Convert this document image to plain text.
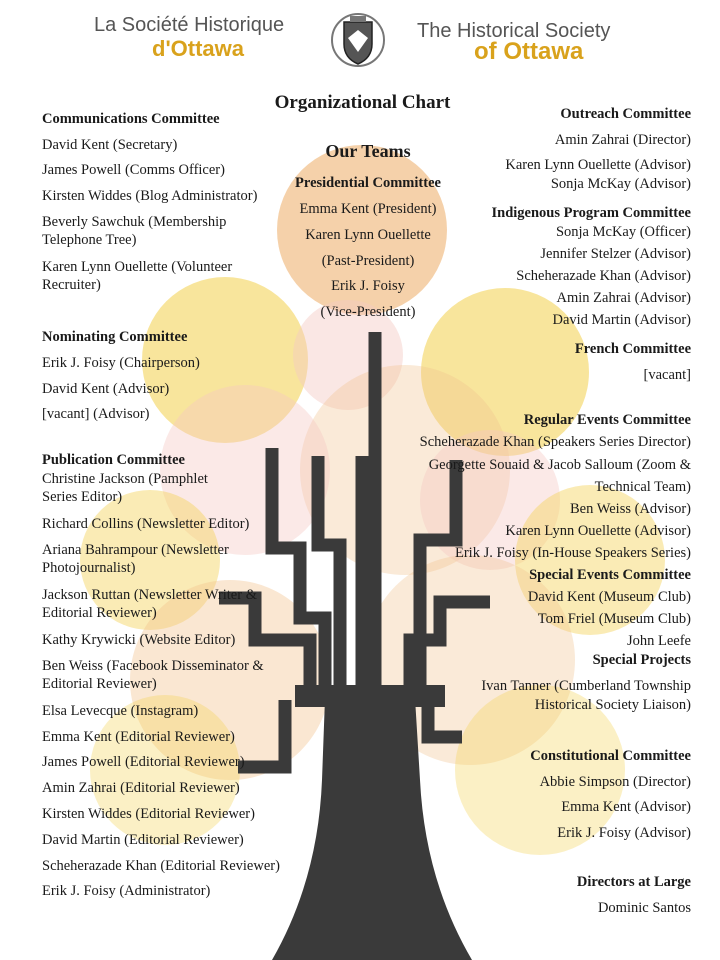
La Société Historique
d'Ottawa
The Historical Society
of Ottawa
Organizational Chart
Our Teams
Presidential Committee
Emma Kent (President)
Karen Lynn Ouellette
(Past-President)
Erik J. Foisy
(Vice-President)
Communications Committee
David Kent (Secretary)
James Powell (Comms Officer)
Kirsten Widdes (Blog Administrator)
Beverly Sawchuk (Membership Telephone Tree)
Karen Lynn Ouellette (Volunteer Recruiter)
Nominating Committee
Erik J. Foisy (Chairperson)
David Kent (Advisor)
[vacant] (Advisor)
Publication Committee
Christine Jackson (Pamphlet Series Editor)
Richard Collins (Newsletter Editor)
Ariana Bahrampour (Newsletter Photojournalist)
Jackson Ruttan (Newsletter Writer & Editorial Reviewer)
Kathy Krywicki (Website Editor)
Ben Weiss (Facebook Disseminator & Editorial Reviewer)
Elsa Levecque (Instagram)
Emma Kent (Editorial Reviewer)
James Powell (Editorial Reviewer)
Amin Zahrai (Editorial Reviewer)
Kirsten Widdes (Editorial Reviewer)
David Martin (Editorial Reviewer)
Scheherazade Khan (Editorial Reviewer)
Erik J. Foisy (Administrator)
Outreach Committee
Amin Zahrai (Director)
Karen Lynn Ouellette (Advisor)
Sonja McKay (Advisor)
Indigenous Program Committee
Sonja McKay (Officer)
Jennifer Stelzer (Advisor)
Scheherazade Khan (Advisor)
Amin Zahrai (Advisor)
David Martin (Advisor)
French Committee
[vacant]
Regular Events Committee
Scheherazade Khan (Speakers Series Director)
Georgette Souaid & Jacob Salloum (Zoom &
Technical Team)
Ben Weiss (Advisor)
Karen Lynn Ouellette (Advisor)
Erik J. Foisy (In-House Speakers Series)
Special Events Committee
David Kent (Museum Club)
Tom Friel (Museum Club)
John Leefe
Special Projects
Ivan Tanner (Cumberland Township
Historical Society Liaison)
Constitutional Committee
Abbie Simpson (Director)
Emma Kent (Advisor)
Erik J. Foisy (Advisor)
Directors at Large
Dominic Santos
